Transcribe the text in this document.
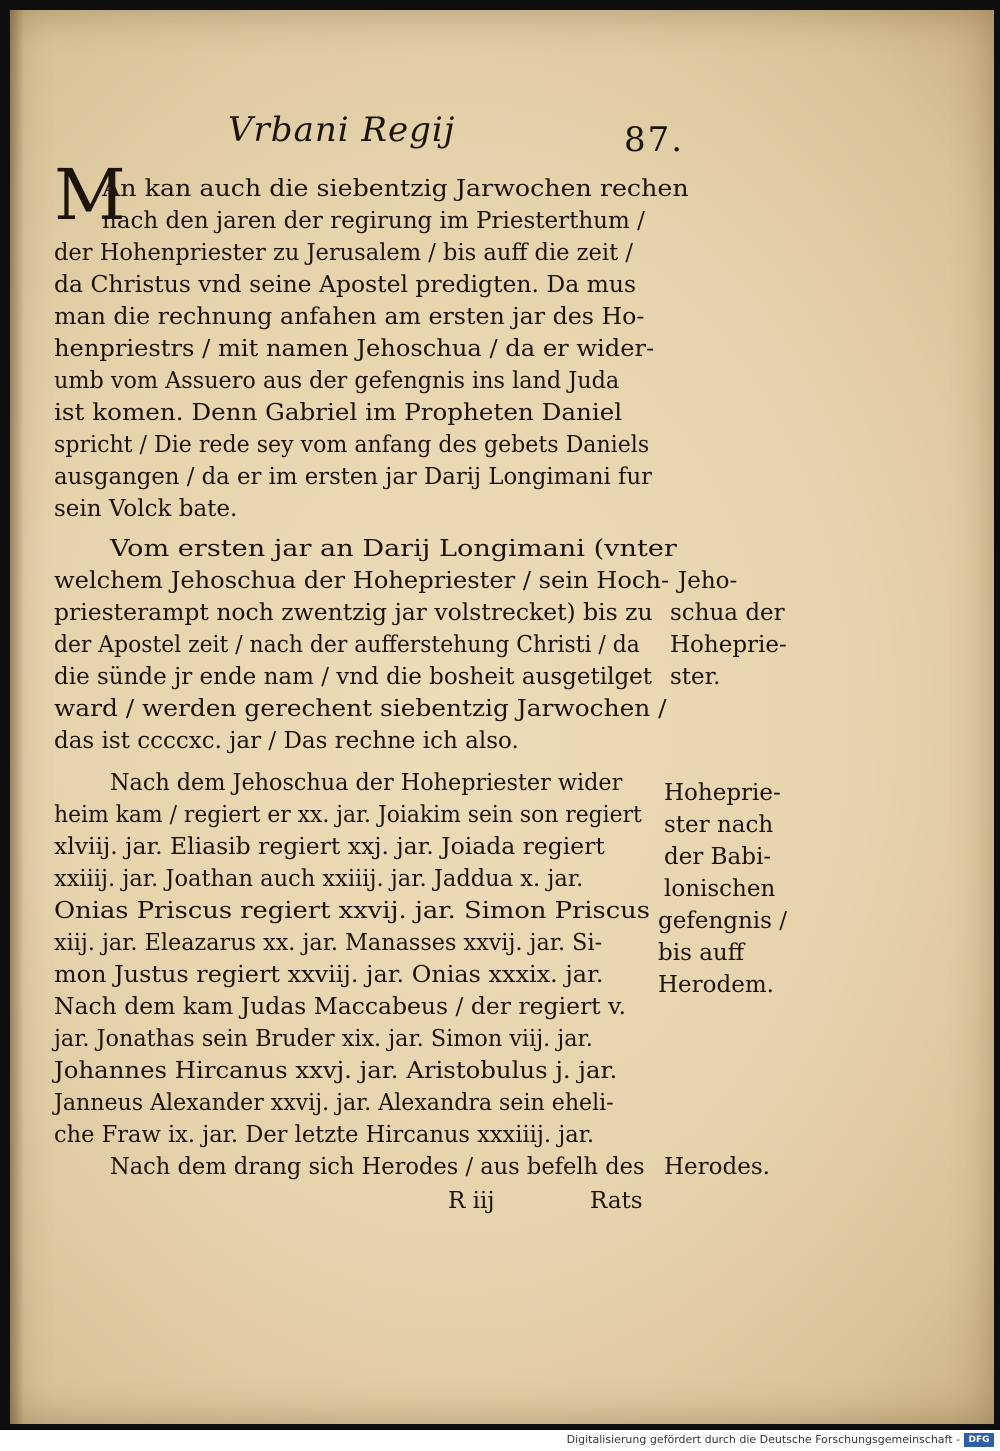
Vrbani Regij	87.
M
An kan auch die siebentzig Jarwochen rechen
nach den jaren der regirung im Priesterthum /
der Hohenpriester zu Jerusalem / bis auff die zeit /
da Christus vnd seine Apostel predigten. Da mus
man die rechnung anfahen am ersten jar des Ho-
henpriestrs / mit namen Jehoschua / da er wider-
umb vom Assuero aus der gefengnis ins land Juda
ist komen. Denn Gabriel im Propheten Daniel
spricht / Die rede sey vom anfang des gebets Daniels
ausgangen / da er im ersten jar Darij Longimani fur
sein Volck bate.
Vom ersten jar an Darij Longimani (vnter
welchem Jehoschua der Hohepriester / sein Hoch-
priesterampt noch zwentzig jar volstrecket) bis zu
der Apostel zeit / nach der aufferstehung Christi / da
die sünde jr ende nam / vnd die bosheit ausgetilget
ward / werden gerechent siebentzig Jarwochen /
das ist ccccxc. jar / Das rechne ich also.
Nach dem Jehoschua der Hohepriester wider
heim kam / regiert er xx. jar. Joiakim sein son regiert
xlviij. jar. Eliasib regiert xxj. jar. Joiada regiert
xxiiij. jar. Joathan auch xxiiij. jar. Jaddua x. jar.
Onias Priscus regiert xxvij. jar. Simon Priscus
xiij. jar. Eleazarus xx. jar. Manasses xxvij. jar. Si-
mon Justus regiert xxviij. jar. Onias xxxix. jar.
Nach dem kam Judas Maccabeus / der regiert v.
jar. Jonathas sein Bruder xix. jar. Simon viij. jar.
Johannes Hircanus xxvj. jar. Aristobulus j. jar.
Janneus Alexander xxvij. jar. Alexandra sein eheli-
che Fraw ix. jar. Der letzte Hircanus xxxiiij. jar.
Nach dem drang sich Herodes / aus befelh des
R iij	Rats
Jeho-
schua der
Hoheprie-
ster.
Hoheprie-
ster nach
der Babi-
lonischen
gefengnis /
bis auff
Herodem.
Herodes.
Digitalisierung gefördert durch die Deutsche Forschungsgemeinschaft - DFG
